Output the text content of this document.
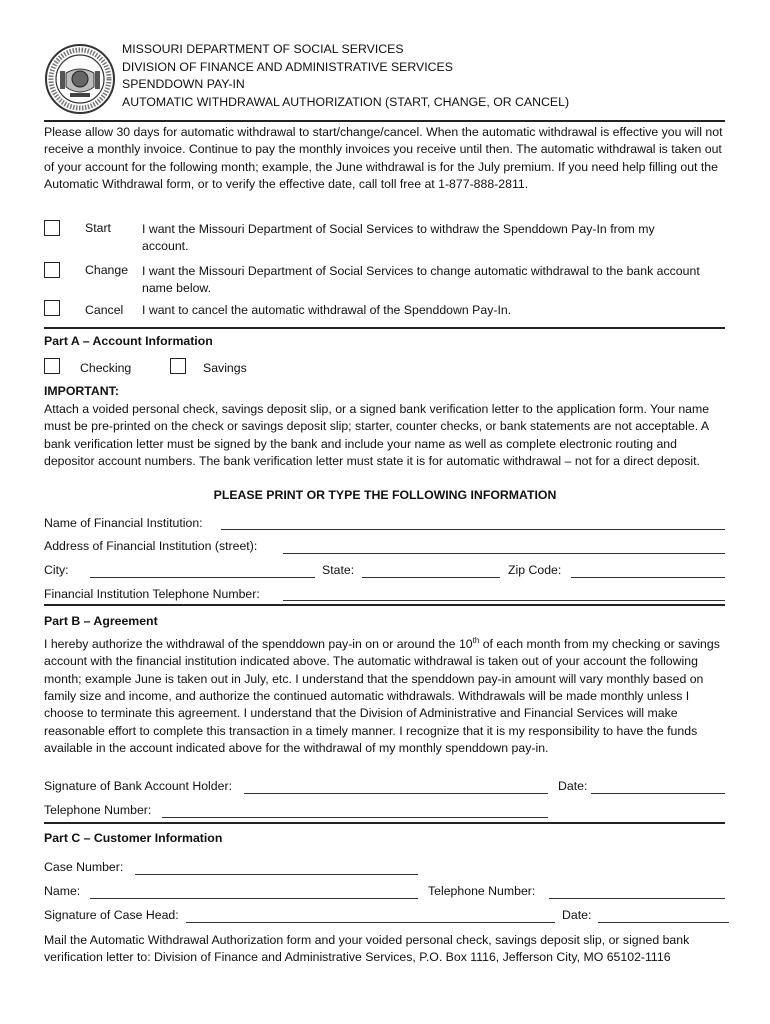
MISSOURI DEPARTMENT OF SOCIAL SERVICES
DIVISION OF FINANCE AND ADMINISTRATIVE SERVICES
SPENDDOWN PAY-IN
AUTOMATIC WITHDRAWAL AUTHORIZATION (START, CHANGE, OR CANCEL)
Please allow 30 days for automatic withdrawal to start/change/cancel. When the automatic withdrawal is effective you will not receive a monthly invoice. Continue to pay the monthly invoices you receive until then. The automatic withdrawal is taken out of your account for the following month; example, the June withdrawal is for the July premium. If you need help filling out the Automatic Withdrawal form, or to verify the effective date, call toll free at 1-877-888-2811.
Start	I want the Missouri Department of Social Services to withdraw the Spenddown Pay-In from my account.
Change I want the Missouri Department of Social Services to change automatic withdrawal to the bank account name below.
Cancel I want to cancel the automatic withdrawal of the Spenddown Pay-In.
Part A – Account Information
Checking	Savings
IMPORTANT:
Attach a voided personal check, savings deposit slip, or a signed bank verification letter to the application form. Your name must be pre-printed on the check or savings deposit slip; starter, counter checks, or bank statements are not acceptable. A bank verification letter must be signed by the bank and include your name as well as complete electronic routing and depositor account numbers. The bank verification letter must state it is for automatic withdrawal – not for a direct deposit.
PLEASE PRINT OR TYPE THE FOLLOWING INFORMATION
Name of Financial Institution:
Address of Financial Institution (street):
City:	State:	Zip Code:
Financial Institution Telephone Number:
Part B – Agreement
I hereby authorize the withdrawal of the spenddown pay-in on or around the 10th of each month from my checking or savings account with the financial institution indicated above. The automatic withdrawal is taken out of your account the following month; example June is taken out in July, etc. I understand that the spenddown pay-in amount will vary monthly based on family size and income, and authorize the continued automatic withdrawals. Withdrawals will be made monthly unless I choose to terminate this agreement. I understand that the Division of Administrative and Financial Services will make reasonable effort to complete this transaction in a timely manner. I recognize that it is my responsibility to have the funds available in the account indicated above for the withdrawal of my monthly spenddown pay-in.
Signature of Bank Account Holder:	Date:
Telephone Number:
Part C – Customer Information
Case Number:
Name:	Telephone Number:
Signature of Case Head:	Date:
Mail the Automatic Withdrawal Authorization form and your voided personal check, savings deposit slip, or signed bank verification letter to: Division of Finance and Administrative Services, P.O. Box 1116, Jefferson City, MO 65102-1116
